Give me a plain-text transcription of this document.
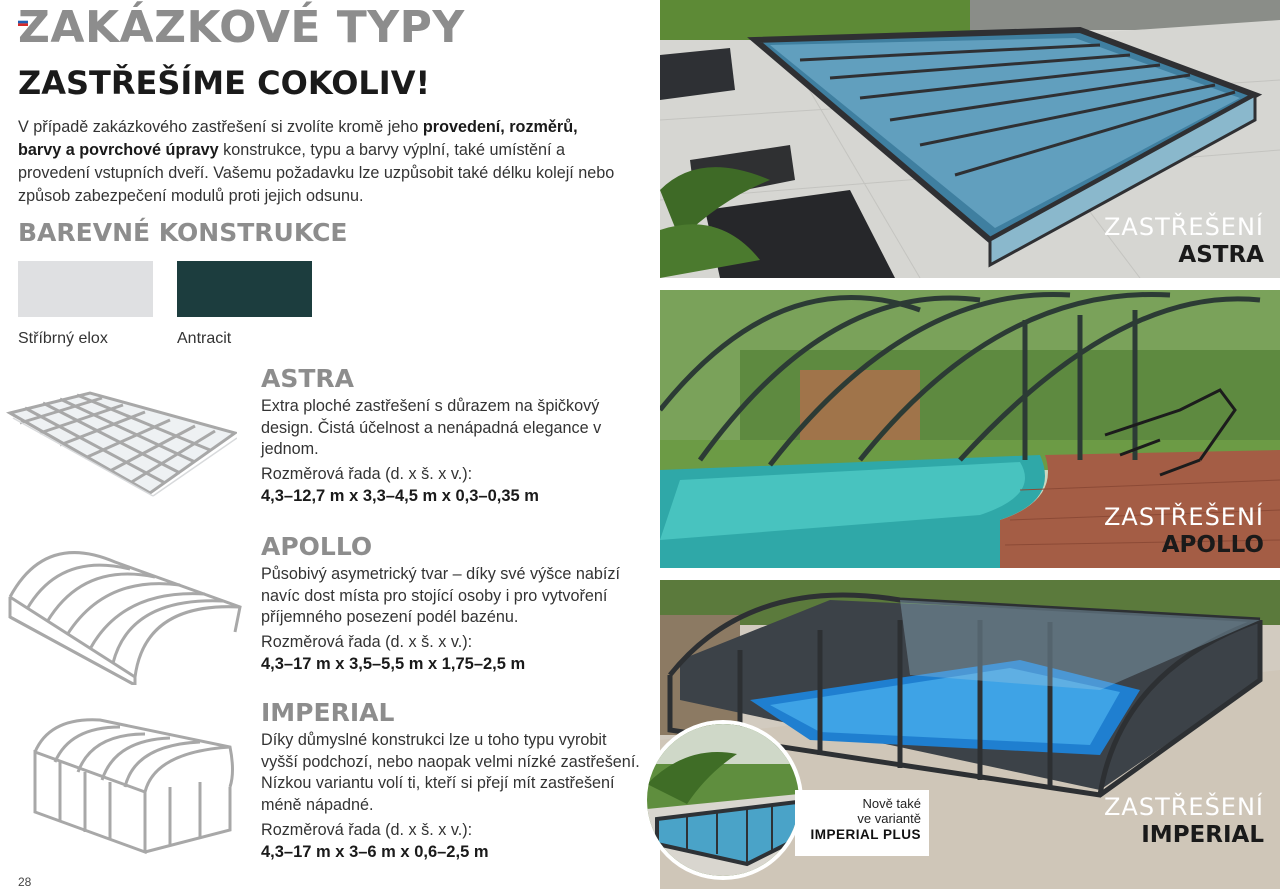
ZAKÁZKOVÉ TYPY
ZASTŘEŠÍME COKOLIV!
V případě zakázkového zastřešení si zvolíte kromě jeho provedení, rozměrů, barvy a povrchové úpravy konstrukce, typu a barvy výplní, také umístění a provedení vstupních dveří. Vašemu požadavku lze uzpůsobit také délku kolejí nebo způsob zabezpečení modulů proti jejich odsunu.
BAREVNÉ KONSTRUKCE
Stříbrný elox	Antracit
ASTRA
Extra ploché zastřešení s důrazem na špičkový design. Čistá účelnost a nenápadná elegance v jednom.
Rozměrová řada (d. x š. x v.):
4,3–12,7 m x 3,3–4,5 m x 0,3–0,35 m
APOLLO
Působivý asymetrický tvar – díky své výšce nabízí navíc dost místa pro stojící osoby i pro vytvoření příjemného posezení podél bazénu.
Rozměrová řada (d. x š. x v.):
4,3–17 m x 3,5–5,5 m x 1,75–2,5 m
IMPERIAL
Díky důmyslné konstrukci lze u toho typu vyrobit vyšší podchozí, nebo naopak velmi nízké zastřešení. Nízkou variantu volí ti, kteří si přejí mít zastřešení méně nápadné.
Rozměrová řada (d. x š. x v.):
4,3–17 m x 3–6 m x 0,6–2,5 m
28
ZASTŘEŠENÍ
ASTRA
ZASTŘEŠENÍ
APOLLO
ZASTŘEŠENÍ
IMPERIAL
Nově také
ve variantě
IMPERIAL PLUS
